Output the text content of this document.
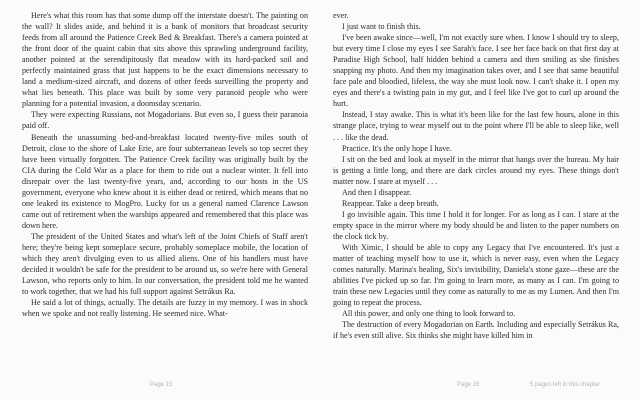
Here's what this room has that some dump off the interstate doesn't. The painting on the wall? It slides aside, and behind it is a bank of monitors that broadcast security feeds from all around the Patience Creek Bed & Breakfast. There's a camera pointed at the front door of the quaint cabin that sits above this sprawling underground facility, another pointed at the serendipitously flat meadow with its hard-packed soil and perfectly maintained grass that just happens to be the exact dimensions necessary to land a medium-sized aircraft, and dozens of other feeds surveilling the property and what lies beneath. This place was built by some very paranoid people who were planning for a potential invasion, a doomsday scenario.

They were expecting Russians, not Mogadorians. But even so, I guess their paranoia paid off.

Beneath the unassuming bed-and-breakfast located twenty-five miles south of Detroit, close to the shore of Lake Erie, are four subterranean levels so top secret they have been virtually forgotten. The Patience Creek facility was originally built by the CIA during the Cold War as a place for them to ride out a nuclear winter. It fell into disrepair over the last twenty-five years, and, according to our hosts in the US government, everyone who knew about it is either dead or retired, which means that no one leaked its existence to MogPro. Lucky for us a general named Clarence Lawson came out of retirement when the warships appeared and remembered that this place was down here.

The president of the United States and what's left of the Joint Chiefs of Staff aren't here; they're being kept someplace secure, probably someplace mobile, the location of which they aren't divulging even to us allied aliens. One of his handlers must have decided it wouldn't be safe for the president to be around us, so we're here with General Lawson, who reports only to him. In our conversation, the president told me he wanted to work together, that we had his full support against Setrákus Ra.

He said a lot of things, actually. The details are fuzzy in my memory. I was in shock when we spoke and not really listening. He seemed nice. What-

ever.

I just want to finish this.

I've been awake since—well, I'm not exactly sure when. I know I should try to sleep, but every time I close my eyes I see Sarah's face. I see her face back on that first day at Paradise High School, half hidden behind a camera and then smiling as she finishes snapping my photo. And then my imagination takes over, and I see that same beautiful face pale and bloodied, lifeless, the way she must look now. I can't shake it. I open my eyes and there's a twisting pain in my gut, and I feel like I've got to curl up around the hurt.

Instead, I stay awake. This is what it's been like for the last few hours, alone in this strange place, trying to wear myself out to the point where I'll be able to sleep like, well . . . like the dead.

Practice. It's the only hope I have.

I sit on the bed and look at myself in the mirror that hangs over the bureau. My hair is getting a little long, and there are dark circles around my eyes. These things don't matter now. I stare at myself . . .

And then I disappear.

Reappear. Take a deep breath.

I go invisible again. This time I hold it for longer. For as long as I can. I stare at the empty space in the mirror where my body should be and listen to the paper numbers on the clock tick by.

With Ximic, I should be able to copy any Legacy that I've encountered. It's just a matter of teaching myself how to use it, which is never easy, even when the Legacy comes naturally. Marina's healing, Six's invisibility, Daniela's stone gaze—these are the abilities I've picked up so far. I'm going to learn more, as many as I can. I'm going to train these new Legacies until they come as naturally to me as my Lumen. And then I'm going to repeat the process.

All this power, and only one thing to look forward to.

The destruction of every Mogadorian on Earth. Including and especially Setrákus Ra, if he's even still alive. Six thinks she might have killed him in

Page 15	Page 16	5 pages left in this chapter
